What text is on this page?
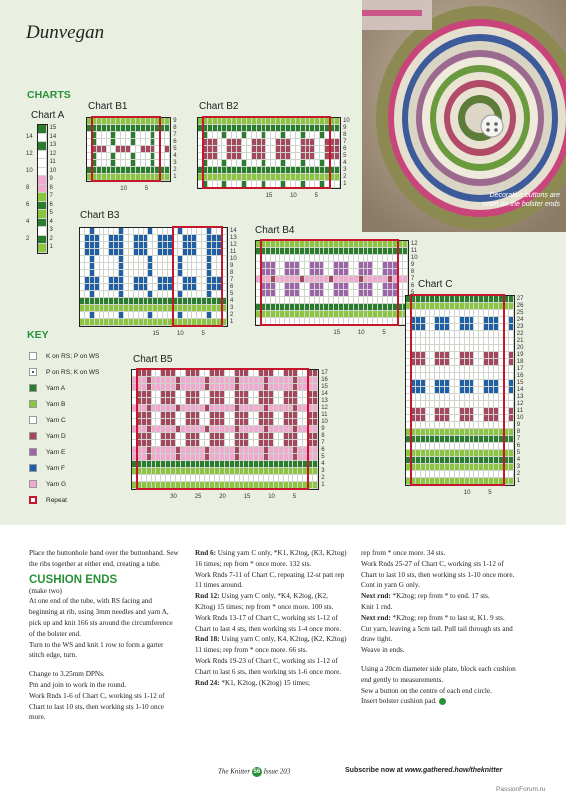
Decorative buttons are sewn on the bolster ends
Dunvegan
CHARTS
Chart A
15
14
13
12
11
10
9
8
7
6
5
4
3
2
1
14
12
10
8
6
4
2
Chart B1
9
8
7
6
5
4
3
2
1
10	5
Chart B2
10
9
8
7
6
5
4
3
2
1
15	10	5
Chart B3
14
13
12
11
10
9
8
7
6
5
4
3
2
1
15	10	5
Chart B4
12
11
10
9
8
7
6
5
15	10	5
Chart B5
17
16
15
14
13
12
11
10
9
8
7
6
5
4
3
2
1
30	25	20	15	10	5
Chart C
27
26
25
24
23
22
21
20
19
18
17
16
15
14
13
12
11
10
9
8
7
6
5
4
3
2
1
10	5
KEY
K on RS; P on WS
P on RS; K on WS
Yarn A
Yarn B
Yarn C
Yarn D
Yarn E
Yarn F
Yarn G
Repeat

Place the buttonhole band over the buttonband. Sew the ribs together at either end, creating a tube.

CUSHION ENDS

(make two)

At one end of the tube, with RS facing and beginning at rib, using 3mm needles and yarn A, pick up and knit 166 sts around the circumference of the bolster end.

Turn to the WS and knit 1 row to form a garter stitch edge, turn.

Change to 3.25mm DPNs.

Pm and join to work in the round.

Work Rnds 1-6 of Chart C, working sts 1-12 of Chart to last 10 sts, then working sts 1-10 once more.

Rnd 6: Using yarn C only, *K1, K2tog, (K3, K2tog) 16 times; rep from * once more. 132 sts.

Work Rnds 7-11 of Chart C, repeating 12-st patt rep 11 times around.

Rnd 12: Using yarn C only, *K4, K2tog, (K2, K2tog) 15 times; rep from * once more. 100 sts.

Work Rnds 13-17 of Chart C, working sts 1-12 of Chart to last 4 sts, then working sts 1-4 once more.

Rnd 18: Using yarn C only, K4, K2tog, (K2, K2tog) 11 times; rep from * once more. 66 sts.

Work Rnds 19-23 of Chart C, working sts 1-12 of Chart to last 6 sts, then working sts 1-6 once more.

Rnd 24: *K1, K2tog, (K2tog) 15 times;

rep from * once more. 34 sts.

Work Rnds 25-27 of Chart C, working sts 1-12 of Chart to last 10 sts, then working sts 1-10 once more.

Cont in yarn G only.

Next rnd: *K2tog; rep from * to end. 17 sts.

Knit 1 rnd.

Next rnd: *K2tog; rep from * to last st, K1. 9 sts.

Cut yarn, leaving a 5cm tail. Pull tail through sts and draw tight.

Weave in ends.

Using a 20cm diameter side plate, block each cushion end gently to measurements.

Sew a button on the centre of each end circle.

Insert bolster cushion pad.

The Knitter 56 Issue 203	Subscribe now at www.gathered.how/theknitter
PassionForum.ru
